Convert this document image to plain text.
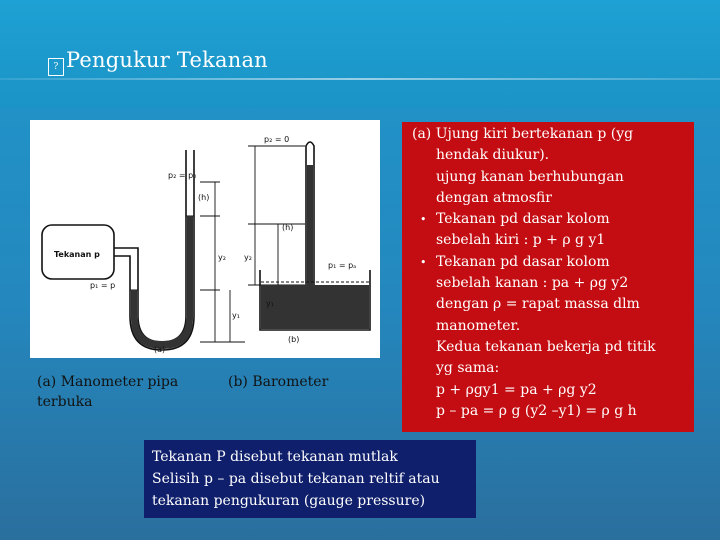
? Pengukur Tekanan
p₂ = p₀
Tekanan p
p₁ = p
y₂
y₁
(h)
(a)
p₂ = 0
y₂
y₁
(h)
p₁ = pₐ
(b)
(a) Manometer pipa terbuka
(b) Barometer
(a) Ujung kiri bertekanan p (yg
hendak diukur).
ujung kanan berhubungan
dengan atmosfir
• Tekanan pd dasar kolom
sebelah kiri : p + ρ g y1
• Tekanan pd dasar kolom
sebelah kanan : pa + ρg y2
dengan ρ = rapat massa dlm
manometer.
Kedua tekanan bekerja pd titik
yg sama:
p + ρgy1 = pa + ρg y2
p – pa = ρ g (y2 –y1) = ρ g h
Tekanan P disebut tekanan mutlak
Selisih p – pa disebut tekanan reltif atau
tekanan pengukuran (gauge pressure)
